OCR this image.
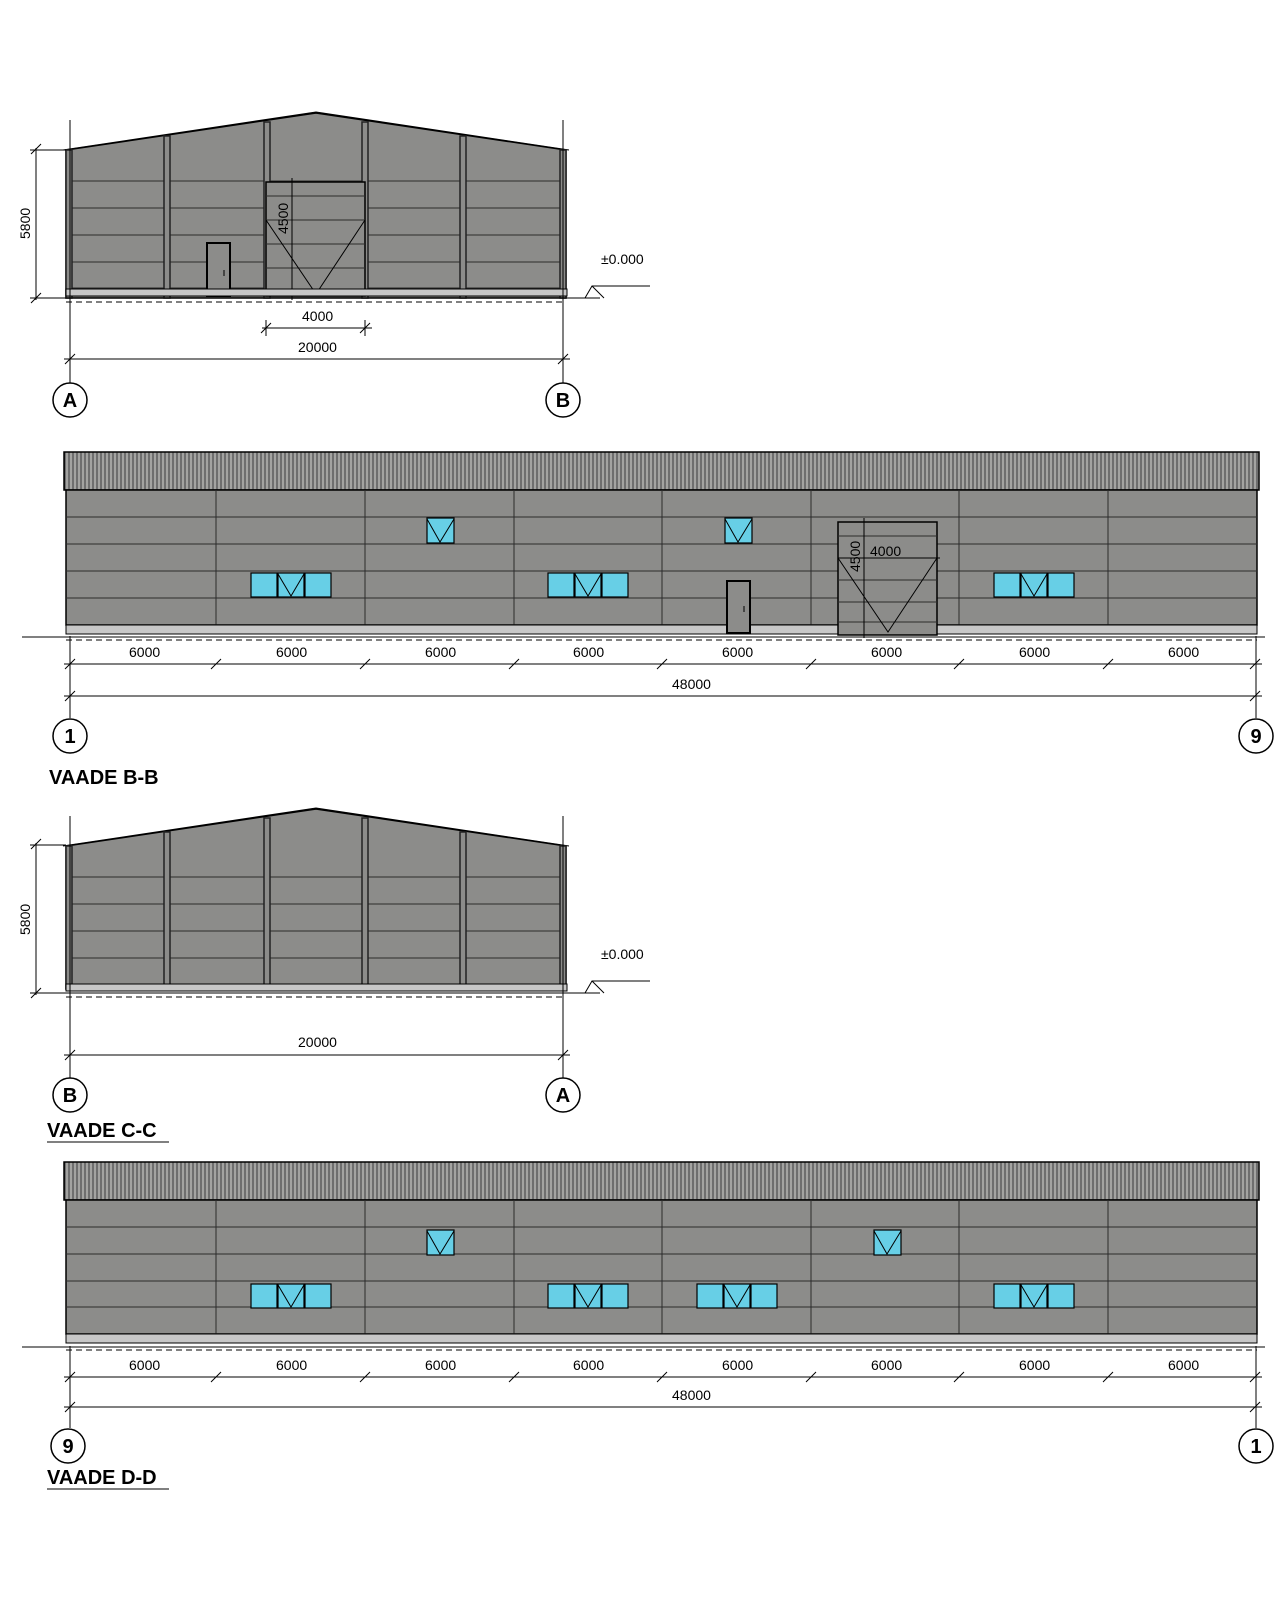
4500
5800
±0.000
4000
20000
A	B
4500 4000
6000	6000	6000	6000	6000	6000	6000	6000
48000
1	9
VAADE B-B
5800
±0.000
20000
B	A
VAADE C-C
6000	6000	6000	6000	6000	6000	6000	6000
48000
9	1
VAADE D-D
